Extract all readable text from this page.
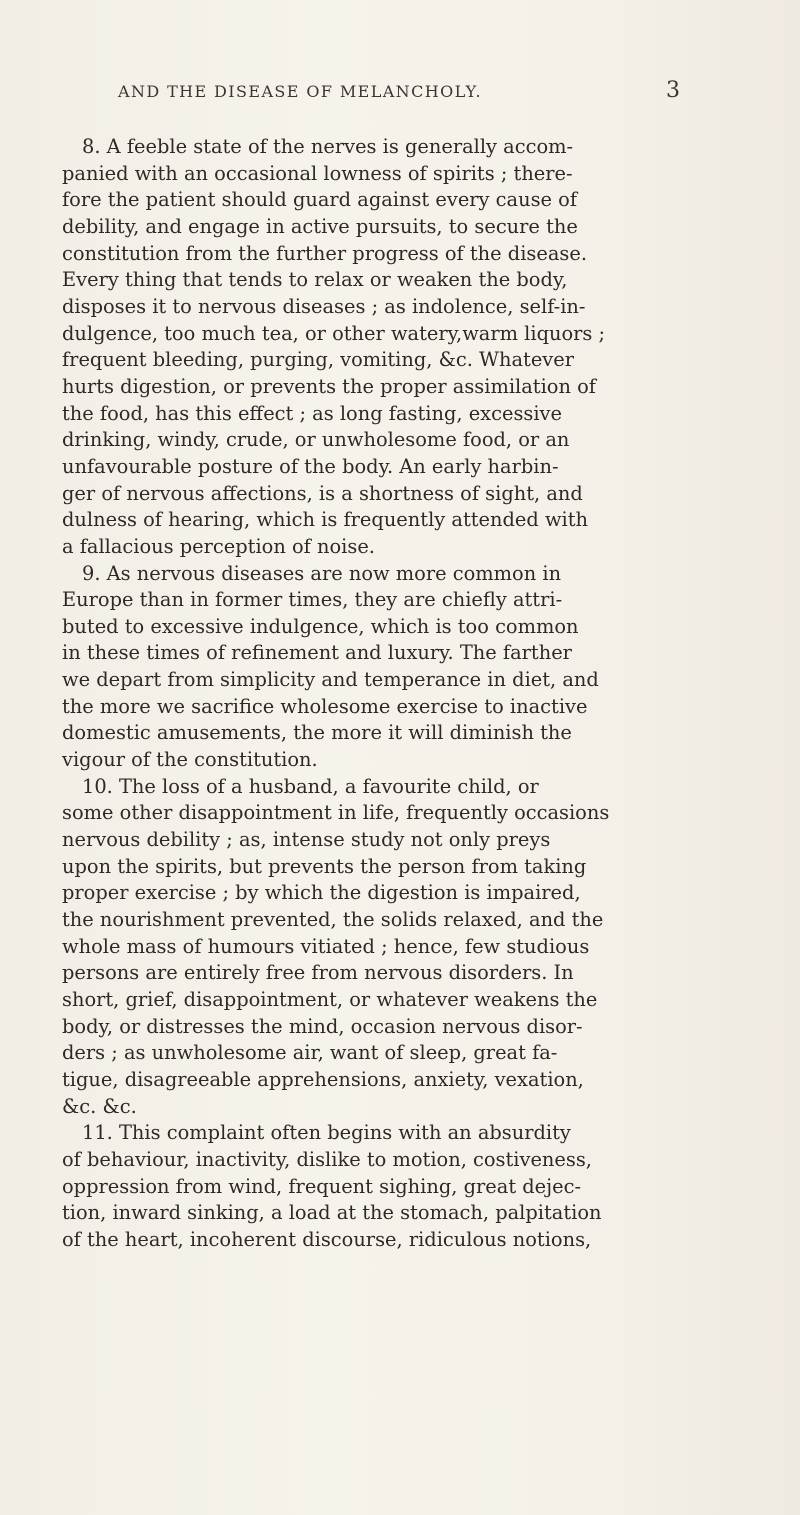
AND THE DISEASE OF MELANCHOLY.	3

8. A feeble state of the nerves is generally accom-
panied with an occasional lowness of spirits ; there-
fore the patient should guard against every cause of
debility, and engage in active pursuits, to secure the
constitution from the further progress of the disease.
Every thing that tends to relax or weaken the body,
disposes it to nervous diseases ; as indolence, self-in-
dulgence, too much tea, or other watery,warm liquors ;
frequent bleeding, purging, vomiting, &c. Whatever
hurts digestion, or prevents the proper assimilation of
the food, has this effect ; as long fasting, excessive
drinking, windy, crude, or unwholesome food, or an
unfavourable posture of the body. An early harbin-
ger of nervous affections, is a shortness of sight, and
dulness of hearing, which is frequently attended with
a fallacious perception of noise.

9. As nervous diseases are now more common in
Europe than in former times, they are chiefly attri-
buted to excessive indulgence, which is too common
in these times of refinement and luxury. The farther
we depart from simplicity and temperance in diet, and
the more we sacrifice wholesome exercise to inactive
domestic amusements, the more it will diminish the
vigour of the constitution.

10. The loss of a husband, a favourite child, or
some other disappointment in life, frequently occasions
nervous debility ; as, intense study not only preys
upon the spirits, but prevents the person from taking
proper exercise ; by which the digestion is impaired,
the nourishment prevented, the solids relaxed, and the
whole mass of humours vitiated ; hence, few studious
persons are entirely free from nervous disorders. In
short, grief, disappointment, or whatever weakens the
body, or distresses the mind, occasion nervous disor-
ders ; as unwholesome air, want of sleep, great fa-
tigue, disagreeable apprehensions, anxiety, vexation,
&c. &c.

11. This complaint often begins with an absurdity
of behaviour, inactivity, dislike to motion, costiveness,
oppression from wind, frequent sighing, great dejec-
tion, inward sinking, a load at the stomach, palpitation
of the heart, incoherent discourse, ridiculous notions,
